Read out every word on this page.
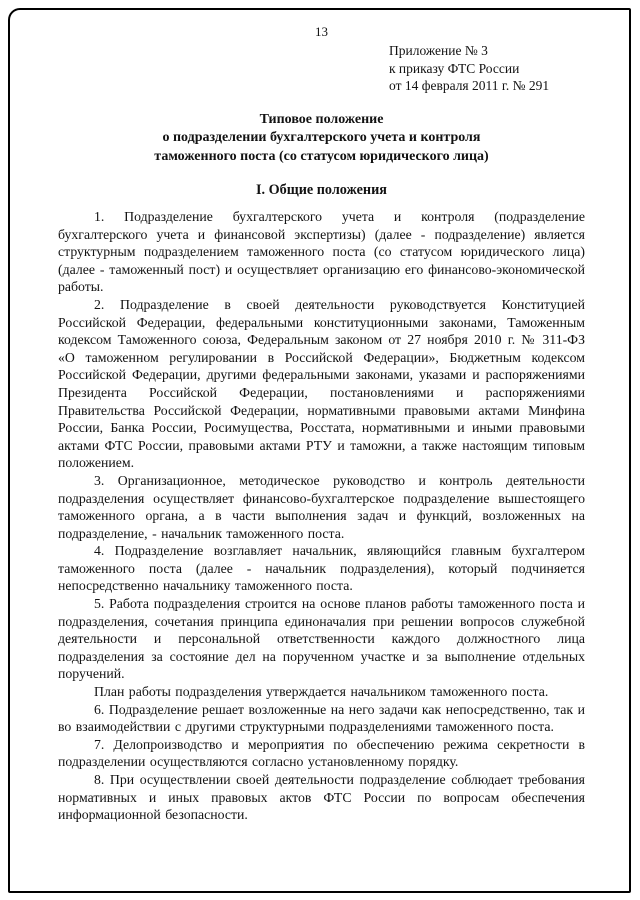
13
Приложение № 3
к приказу ФТС России
от 14 февраля 2011 г. № 291
Типовое положение
о подразделении бухгалтерского учета и контроля
таможенного поста (со статусом юридического лица)
I. Общие положения

1. Подразделение бухгалтерского учета и контроля (подразделение бухгалтерского учета и финансовой экспертизы) (далее - подразделение) является структурным подразделением таможенного поста (со статусом юридического лица) (далее - таможенный пост) и осуществляет организацию его финансово-экономической работы.

2. Подразделение в своей деятельности руководствуется Конституцией Российской Федерации, федеральными конституционными законами, Таможенным кодексом Таможенного союза, Федеральным законом от 27 ноября 2010 г. № 311-ФЗ «О таможенном регулировании в Российской Федерации», Бюджетным кодексом Российской Федерации, другими федеральными законами, указами и распоряжениями Президента Российской Федерации, постановлениями и распоряжениями Правительства Российской Федерации, нормативными правовыми актами Минфина России, Банка России, Росимущества, Росстата, нормативными и иными правовыми актами ФТС России, правовыми актами РТУ и таможни, а также настоящим типовым положением.

3. Организационное, методическое руководство и контроль деятельности подразделения осуществляет финансово-бухгалтерское подразделение вышестоящего таможенного органа, а в части выполнения задач и функций, возложенных на подразделение, - начальник таможенного поста.

4. Подразделение возглавляет начальник, являющийся главным бухгалтером таможенного поста (далее - начальник подразделения), который подчиняется непосредственно начальнику таможенного поста.

5. Работа подразделения строится на основе планов работы таможенного поста и подразделения, сочетания принципа единоначалия при решении вопросов служебной деятельности и персональной ответственности каждого должностного лица подразделения за состояние дел на порученном участке и за выполнение отдельных поручений.

План работы подразделения утверждается начальником таможенного поста.

6. Подразделение решает возложенные на него задачи как непосредственно, так и во взаимодействии с другими структурными подразделениями таможенного поста.

7. Делопроизводство и мероприятия по обеспечению режима секретности в подразделении осуществляются согласно установленному порядку.

8. При осуществлении своей деятельности подразделение соблюдает требования нормативных и иных правовых актов ФТС России по вопросам обеспечения информационной безопасности.
